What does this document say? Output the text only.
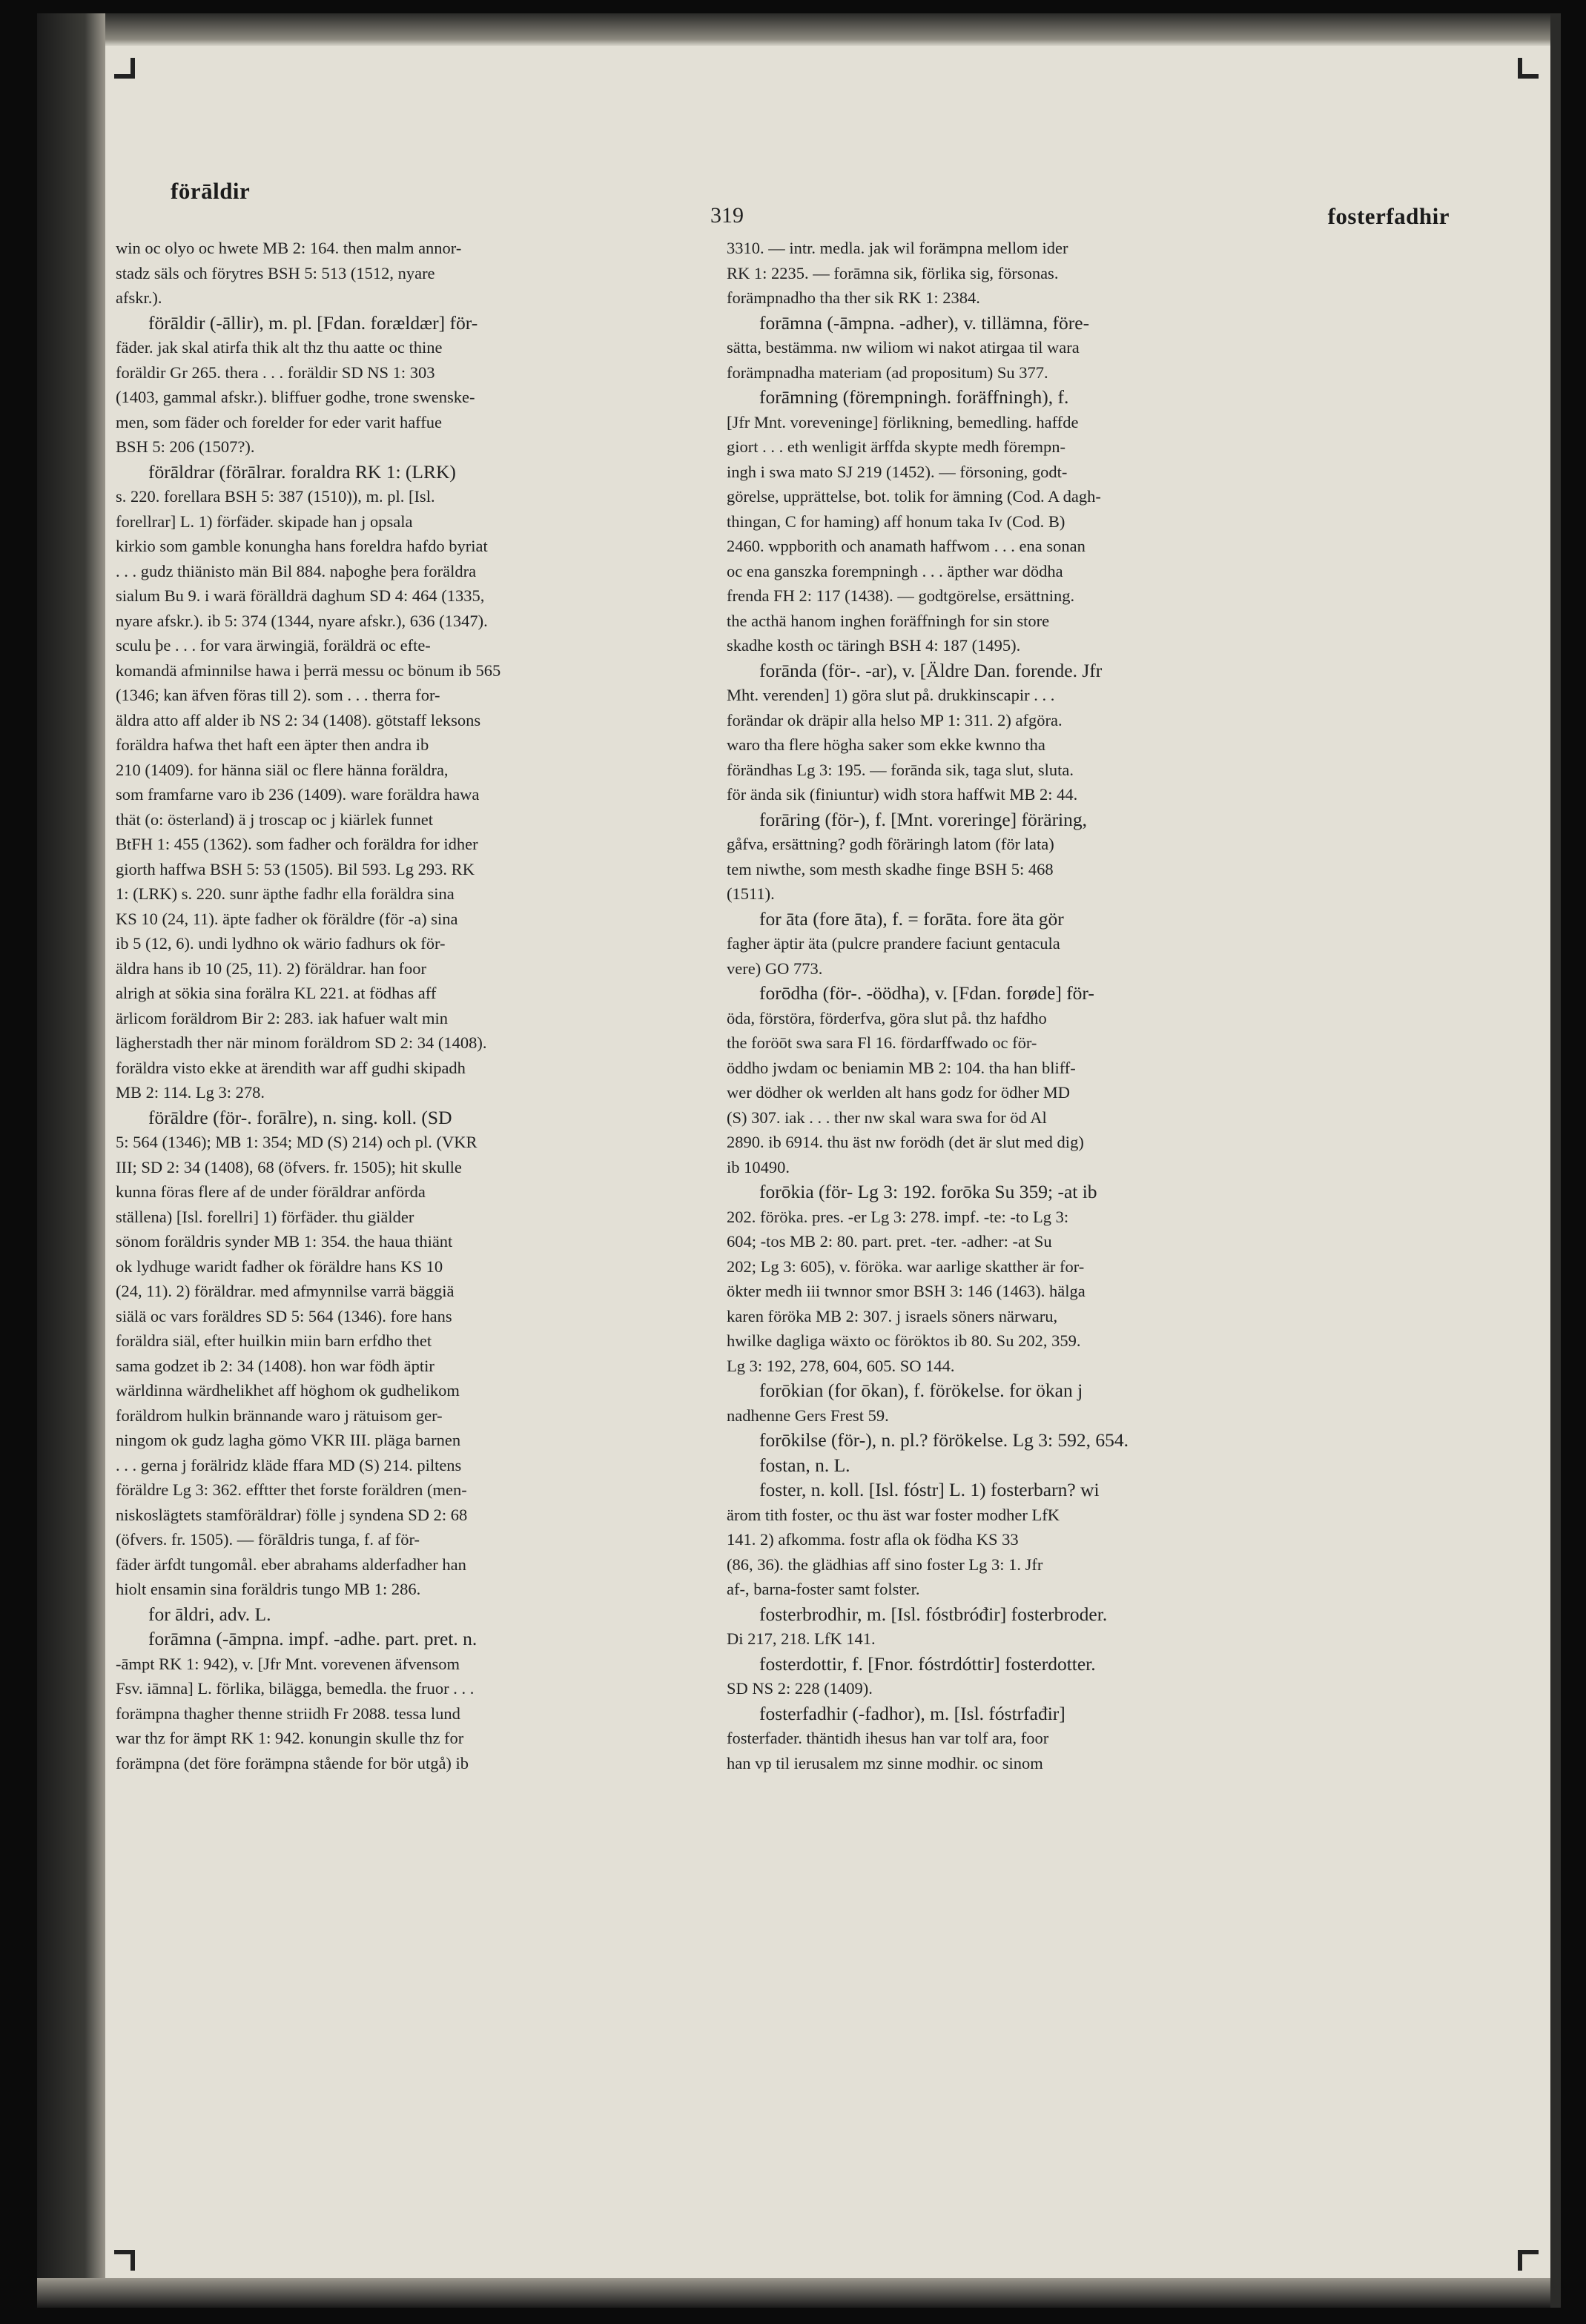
förāldir
319	fosterfadhir
win oc olyo oc hwete MB 2: 164. then malm annor-
stadz säls och förytres BSH 5: 513 (1512, nyare
afskr.).
förāldir (-āllir), m. pl. [Fdan. forældær] för-
fäder. jak skal atirfa thik alt thz thu aatte oc thine
foräldir Gr 265. thera . . . foräldir SD NS 1: 303
(1403, gammal afskr.). bliffuer godhe, trone swenske-
men, som fäder och forelder for eder varit haffue
BSH 5: 206 (1507?).
förāldrar (förālrar. foraldra RK 1: (LRK)
s. 220. forellara BSH 5: 387 (1510)), m. pl. [Isl.
forellrar] L. 1) förfäder. skipade han j opsala
kirkio som gamble konungha hans foreldra hafdo byriat
. . . gudz thiänisto män Bil 884. naþoghe þera foräldra
sialum Bu 9. i warä förälldrä daghum SD 4: 464 (1335,
nyare afskr.). ib 5: 374 (1344, nyare afskr.), 636 (1347).
sculu þe . . . for vara ärwingiä, foräldrä oc efte-
komandä afminnilse hawa i þerrä messu oc bönum ib 565
(1346; kan äfven föras till 2). som . . . therra for-
äldra atto aff alder ib NS 2: 34 (1408). götstaff leksons
foräldra hafwa thet haft een äpter then andra ib
210 (1409). for hänna siäl oc flere hänna foräldra,
som framfarne varo ib 236 (1409). ware foräldra hawa
thät (o: österland) ä j troscap oc j kiärlek funnet
BtFH 1: 455 (1362). som fadher och foräldra for idher
giorth haffwa BSH 5: 53 (1505). Bil 593. Lg 293. RK
1: (LRK) s. 220. sunr äpthe fadhr ella foräldra sina
KS 10 (24, 11). äpte fadher ok föräldre (för -a) sina
ib 5 (12, 6). undi lydhno ok wärio fadhurs ok för-
äldra hans ib 10 (25, 11). 2) föräldrar. han foor
alrigh at sökia sina forälra KL 221. at födhas aff
ärlicom foräldrom Bir 2: 283. iak hafuer walt min
lägherstadh ther när minom foräldrom SD 2: 34 (1408).
foräldra visto ekke at ärendith war aff gudhi skipadh
MB 2: 114. Lg 3: 278.
förāldre (för-. forālre), n. sing. koll. (SD
5: 564 (1346); MB 1: 354; MD (S) 214) och pl. (VKR
III; SD 2: 34 (1408), 68 (öfvers. fr. 1505); hit skulle
kunna föras flere af de under förāldrar anförda
ställena) [Isl. forellri] 1) förfäder. thu giälder
sönom foräldris synder MB 1: 354. the haua thiänt
ok lydhuge waridt fadher ok föräldre hans KS 10
(24, 11). 2) föräldrar. med afmynnilse varrä bäggiä
siälä oc vars foräldres SD 5: 564 (1346). fore hans
foräldra siäl, efter huilkin miin barn erfdho thet
sama godzet ib 2: 34 (1408). hon war födh äptir
wärldinna wärdhelikhet aff höghom ok gudhelikom
foräldrom hulkin brännande waro j rätuisom ger-
ningom ok gudz lagha gömo VKR III. pläga barnen
. . . gerna j forälridz kläde ffara MD (S) 214. piltens
föräldre Lg 3: 362. efftter thet forste foräldren (men-
niskoslägtets stamföräldrar) fölle j syndena SD 2: 68
(öfvers. fr. 1505). — förāldris tunga, f. af för-
fäder ärfdt tungomål. eber abrahams alderfadher han
hiolt ensamin sina foräldris tungo MB 1: 286.
for āldri, adv. L.
forāmna (-āmpna. impf. -adhe. part. pret. n.
-āmpt RK 1: 942), v. [Jfr Mnt. vorevenen äfvensom
Fsv. iāmna] L. förlika, bilägga, bemedla. the fruor . . .
forämpna thagher thenne striidh Fr 2088. tessa lund
war thz for ämpt RK 1: 942. konungin skulle thz for
forämpna (det före forämpna stående for bör utgå) ib
3310. — intr. medla. jak wil forämpna mellom ider
RK 1: 2235. — forāmna sik, förlika sig, försonas.
forämpnadho tha ther sik RK 1: 2384.
forāmna (-āmpna. -adher), v. tillämna, före-
sätta, bestämma. nw wiliom wi nakot atirgaa til wara
forämpnadha materiam (ad propositum) Su 377.
forāmning (förempningh. foräffningh), f.
[Jfr Mnt. voreveninge] förlikning, bemedling. haffde
giort . . . eth wenligit ärffda skypte medh förempn-
ingh i swa mato SJ 219 (1452). — försoning, godt-
görelse, upprättelse, bot. tolik for ämning (Cod. A dagh-
thingan, C for haming) aff honum taka Iv (Cod. B)
2460. wppborith och anamath haffwom . . . ena sonan
oc ena ganszka forempningh . . . äpther war dödha
frenda FH 2: 117 (1438). — godtgörelse, ersättning.
the acthä hanom inghen foräffningh for sin store
skadhe kosth oc täringh BSH 4: 187 (1495).
forānda (för-. -ar), v. [Äldre Dan. forende. Jfr
Mht. verenden] 1) göra slut på. drukkinscapir . . .
forändar ok dräpir alla helso MP 1: 311. 2) afgöra.
waro tha flere högha saker som ekke kwnno tha
förändhas Lg 3: 195. — forānda sik, taga slut, sluta.
för ända sik (finiuntur) widh stora haffwit MB 2: 44.
forāring (för-), f. [Mnt. voreringe] föräring,
gåfva, ersättning? godh föräringh latom (för lata)
tem niwthe, som mesth skadhe finge BSH 5: 468
(1511).
for āta (fore āta), f. = forāta. fore äta gör
fagher äptir äta (pulcre prandere faciunt gentacula
vere) GO 773.
forōdha (för-. -öödha), v. [Fdan. forøde] för-
öda, förstöra, förderfva, göra slut på. thz hafdho
the foröōt swa sara Fl 16. fördarffwado oc för-
öddho jwdam oc beniamin MB 2: 104. tha han bliff-
wer dödher ok werlden alt hans godz for ödher MD
(S) 307. iak . . . ther nw skal wara swa for öd Al
2890. ib 6914. thu äst nw forödh (det är slut med dig)
ib 10490.
forōkia (för- Lg 3: 192. forōka Su 359; -at ib
202. föröka. pres. -er Lg 3: 278. impf. -te: -to Lg 3:
604; -tos MB 2: 80. part. pret. -ter. -adher: -at Su
202; Lg 3: 605), v. föröka. war aarlige skatther är for-
ökter medh iii twnnor smor BSH 3: 146 (1463). hälga
karen föröka MB 2: 307. j israels söners närwaru,
hwilke dagliga wäxto oc föröktos ib 80. Su 202, 359.
Lg 3: 192, 278, 604, 605. SO 144.
forōkian (for ōkan), f. förökelse. for ökan j
nadhenne Gers Frest 59.
forōkilse (för-), n. pl.? förökelse. Lg 3: 592, 654.
fostan, n. L.
foster, n. koll. [Isl. fóstr] L. 1) fosterbarn? wi
ärom tith foster, oc thu äst war foster modher LfK
141. 2) afkomma. fostr afla ok födha KS 33
(86, 36). the glädhias aff sino foster Lg 3: 1. Jfr
af-, barna-foster samt folster.
fosterbrodhir, m. [Isl. fóstbróđir] fosterbroder.
Di 217, 218. LfK 141.
fosterdottir, f. [Fnor. fóstrdóttir] fosterdotter.
SD NS 2: 228 (1409).
fosterfadhir (-fadhor), m. [Isl. fóstrfađir]
fosterfader. thäntidh ihesus han var tolf ara, foor
han vp til ierusalem mz sinne modhir. oc sinom
